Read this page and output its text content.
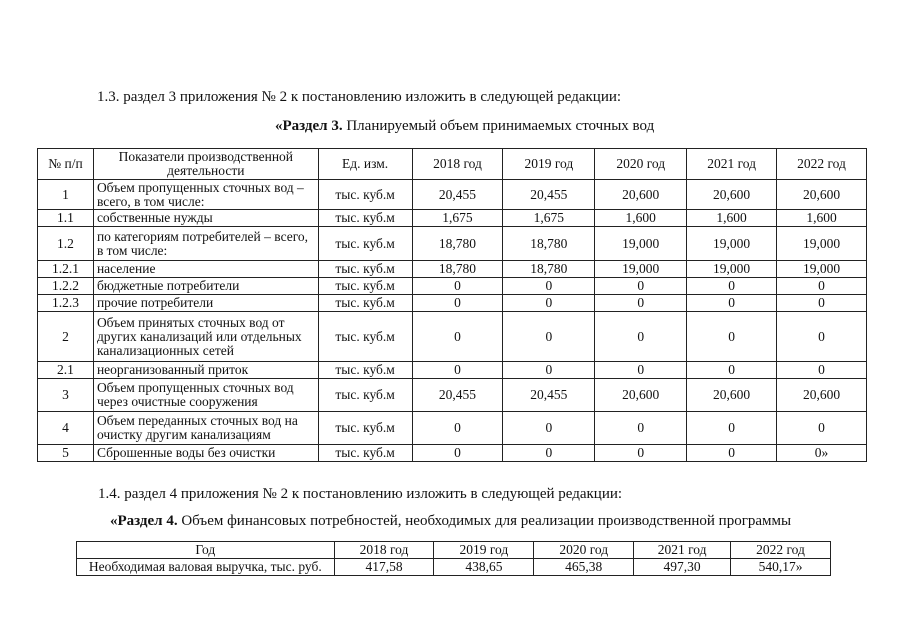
1.3. раздел 3 приложения № 2 к постановлению изложить в следующей редакции:
«Раздел 3. Планируемый объем принимаемых сточных вод
№ п/п	Показатели производственной деятельности	Ед. изм.	2018 год	2019 год	2020 год	2021 год	2022 год
1	Объем пропущенных сточных вод – всего, в том числе:	тыс. куб.м	20,455	20,455	20,600	20,600	20,600
1.1	собственные нужды	тыс. куб.м	1,675	1,675	1,600	1,600	1,600
1.2	по категориям потребителей – всего, в том числе:	тыс. куб.м	18,780	18,780	19,000	19,000	19,000
1.2.1	население	тыс. куб.м	18,780	18,780	19,000	19,000	19,000
1.2.2	бюджетные потребители	тыс. куб.м	0	0	0	0	0
1.2.3	прочие потребители	тыс. куб.м	0	0	0	0	0
2	Объем принятых сточных вод от других канализаций или отдельных канализационных сетей	тыс. куб.м	0	0	0	0	0
2.1	неорганизованный приток	тыс. куб.м	0	0	0	0	0
3	Объем пропущенных сточных вод через очистные сооружения	тыс. куб.м	20,455	20,455	20,600	20,600	20,600
4	Объем переданных сточных вод на очистку другим канализациям	тыс. куб.м	0	0	0	0	0
5	Сброшенные воды без очистки	тыс. куб.м	0	0	0	0	0»
1.4. раздел 4 приложения № 2 к постановлению изложить в следующей редакции:
«Раздел 4. Объем финансовых потребностей, необходимых для реализации производственной программы
Год	2018 год	2019 год	2020 год	2021 год	2022 год
Необходимая валовая выручка, тыс. руб.	417,58	438,65	465,38	497,30	540,17»
